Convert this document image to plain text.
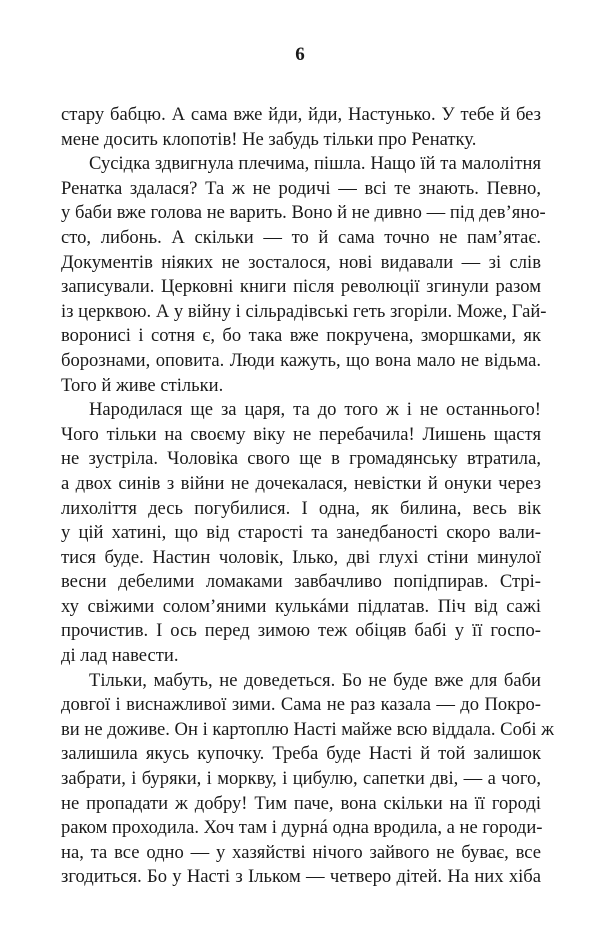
6
стару бабцю. А сама вже йди, йди, Настунько. У тебе й без
мене досить клопотів! Не забудь тільки про Ренатку.
Сусідка здвигнула плечима, пішла. Нащо їй та малолітня
Ренатка здалася? Та ж не родичі — всі те знають. Певно,
у баби вже голова не варить. Воно й не дивно — під дев’яно-
сто, либонь. А скільки — то й сама точно не пам’ятає.
Документів ніяких не зосталося, нові видавали — зі слів
записували. Церковні книги після революції згинули разом
із церквою. А у війну і сільрадівські геть згоріли. Може, Гай-
воронисі і сотня є, бо така вже покручена, зморшками, як
борознами, оповита. Люди кажуть, що вона мало не відьма.
Того й живе стільки.
Народилася ще за царя, та до того ж і не останнього!
Чого тільки на своєму віку не перебачила! Лишень щастя
не зустріла. Чоловіка свого ще в громадянську втратила,
а двох синів з війни не дочекалася, невістки й онуки через
лихоліття десь погубилися. І одна, як билина, весь вік
у цій хатині, що від старості та занедбаності скоро вали-
тися буде. Настин чоловік, Ілько, дві глухі стіни минулої
весни дебелими ломаками завбачливо попідпирав. Стрі-
ху свіжими солом’яними кулькáми підлатав. Піч від сажі
прочистив. І ось перед зимою теж обіцяв бабі у її госпо-
ді лад навести.
Тільки, мабуть, не доведеться. Бо не буде вже для баби
довгої і виснажливої зими. Сама не раз казала — до Покро-
ви не доживе. Он і картоплю Насті майже всю віддала. Собі ж
залишила якусь купочку. Треба буде Насті й той залишок
забрати, і буряки, і моркву, і цибулю, сапетки дві, — а чого,
не пропадати ж добру! Тим паче, вона скільки на її городі
раком проходила. Хоч там і дурнá одна вродила, а не городи-
на, та все одно — у хазяйстві нічого зайвого не буває, все
згодиться. Бо у Насті з Ільком — четверо дітей. На них хіба
